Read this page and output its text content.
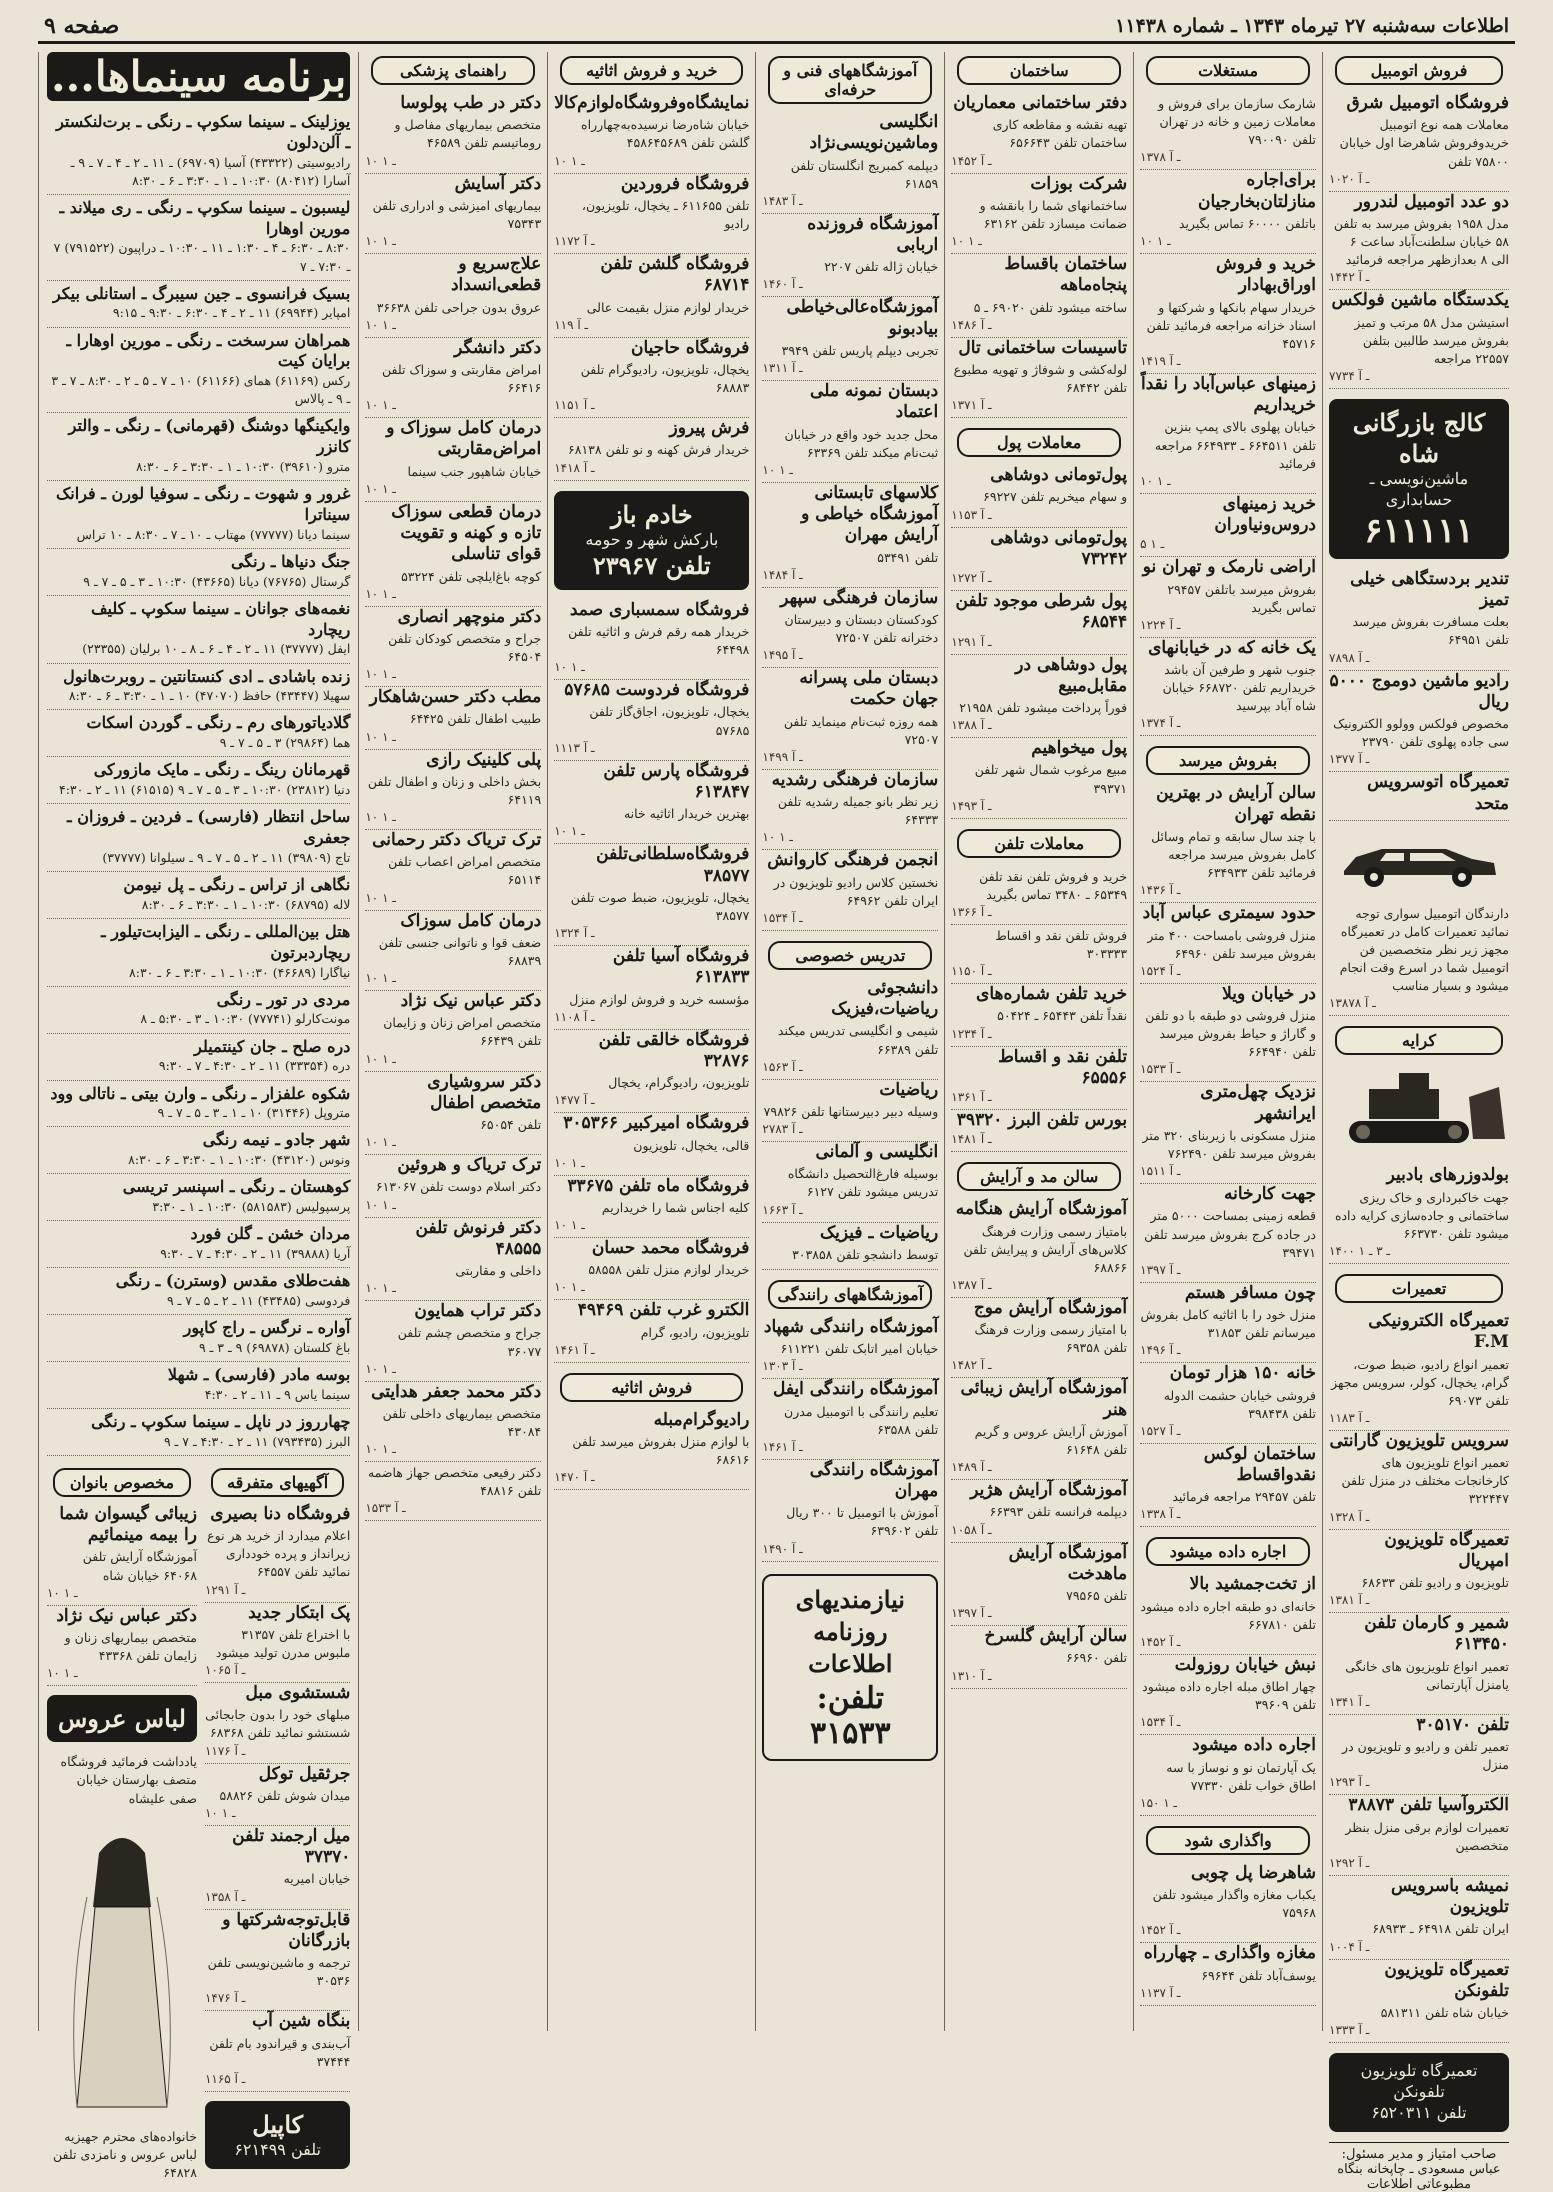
اطلاعات سه‌شنبه ۲۷ تیرماه ۱۳۴۳ ـ شماره ۱۱۴۳۸
صفحه ۹
فروش اتومبیل
فروشگاه اتومبیل شرق
معاملات همه نوع اتومبیل خریدوفروش شاهرضا اول خیابان ۷۵۸۰۰ تلفن
۱۰۲۰ ـ آ
دو عدد اتومبیل لندرور
مدل ۱۹۵۸ بفروش میرسد به تلفن ۵۸ خیابان سلطنت‌آباد ساعت ۶ الی ۸ بعدازظهر مراجعه فرمائید
۱۴۴۲ ـ آ
یکدستگاه ماشین فولکس
استیشن مدل ۵۸ مرتب و تمیز بفروش میرسد طالبین بتلفن ۲۲۵۵۷ مراجعه
۷۷۳۴ ـ آ
کالج بازرگانی شاه
ماشین‌نویسی ـ حسابداری
۶۱۱۱۱۱
تندیر بردستگاهی خیلی تمیز
بعلت مسافرت بفروش میرسد تلفن ۶۴۹۵۱
۷۸۹۸ ـ آ
رادیو ماشین دوموج ۵۰۰۰ ریال
مخصوص فولکس وولوو الکترونیک سی جاده پهلوی تلفن ۲۳۷۹۰
۱۳۷۷ ـ آ
تعمیرگاه اتوسرویس متحد
دارندگان اتومبیل سواری توجه نمائید تعمیرات کامل در تعمیرگاه مجهز زیر نظر متخصصین فن اتومبیل شما در اسرع وقت انجام میشود و بسیار مناسب
۱۳۸۷۸ ـ آ
کرایه
بولدوزرهای بادبیر
جهت خاکبرداری و خاک ریزی ساختمانی و جاده‌سازی کرایه داده میشود تلفن ۶۶۳۷۳۰
۱۴۰۰ ـ ۳ ـ ۱
تعمیرات
تعمیرگاه الکترونیکی F.M
تعمیر انواع رادیو، ضبط صوت، گرام، یخچال، کولر، سرویس مجهز تلفن ۶۹۰۷۳
۱۱۸۳ ـ آ
سرویس تلویزیون گارانتی
تعمیر انواع تلویزیون های کارخانجات مختلف در منزل تلفن ۳۲۲۴۴۷
۱۳۲۸ ـ آ
تعمیرگاه تلویزیون امپریال
تلویزیون و رادیو تلفن ۶۸۶۳۳
۱۳۸۱ ـ آ
شمیر و کارمان تلفن ۶۱۳۴۵۰
تعمیر انواع تلویزیون های خانگی یامنزل آپارتمانی
۱۳۴۱ ـ آ
تلفن ۳۰۵۱۷۰
تعمیر تلفن و رادیو و تلویزیون در منزل
۱۲۹۳ ـ آ
الکتروآسیا تلفن ۳۸۸۷۳
تعمیرات لوازم برقی منزل بنظر متخصصین
۱۲۹۲ ـ آ
نمیشه باسرویس تلویزیون
ایران تلفن ۶۴۹۱۸ ـ ۶۸۹۳۳
۱۰۰۴ ـ آ
تعمیرگاه تلویزیون تلفونکن
خیابان شاه تلفن ۵۸۱۳۱۱
۱۳۳۳ ـ آ
تعمیرگاه تلویزیون تلفونکن
تلفن ۶۵۲۰۳۱۱
صاحب امتیاز و مدیر مسئول: عباس مسعودی ـ چاپخانه بنگاه مطبوعاتی اطلاعات
مستغلات
شارمک سازمان برای فروش و معاملات زمین و خانه در تهران تلفن ۷۹۰۰۹۰
۱۳۷۸ ـ آ
برای‌اجاره منازلتان‌بخارجیان
باتلفن ۶۰۰۰۰ تماس بگیرید
۱۰ ـ ۱
خرید و فروش اوراق‌بهادار
خریدار سهام بانکها و شرکتها و اسناد خزانه مراجعه فرمائید تلفن ۴۵۷۱۶
۱۴۱۹ ـ آ
زمینهای عباس‌آباد را نقداً خریداریم
خیابان پهلوی بالای پمپ بنزین تلفن ۶۶۴۵۱۱ ـ ۶۶۴۹۳۳ مراجعه فرمائید
۱۰ ـ ۱
خرید زمینهای دروس‌ونیاوران
۵ ـ ۱
اراضی نارمک و تهران نو
بفروش میرسد باتلفن ۲۹۴۵۷ تماس بگیرید
۱۲۲۴ ـ آ
یک خانه که در خیابانهای
جنوب شهر و طرفین آن باشد خریداریم تلفن ۶۶۸۷۲۰ خیابان شاه آباد بپرسید
۱۳۷۴ ـ آ
بفروش میرسد
سالن آرایش در بهترین نقطه تهران
با چند سال سابقه و تمام وسائل کامل بفروش میرسد مراجعه فرمائید تلفن ۶۳۴۹۳۳
۱۴۳۶ ـ آ
حدود سیمتری عباس آباد
منزل فروشی بامساحت ۴۰۰ متر بفروش میرسد تلفن ۶۴۹۶۰
۱۵۲۴ ـ آ
در خیابان ویلا
منزل فروشی دو طبقه با دو تلفن و گاراژ و حیاط بفروش میرسد تلفن ۶۶۴۹۴۰
۱۵۳۳ ـ آ
نزدیک چهل‌متری ایرانشهر
منزل مسکونی با زیربنای ۳۲۰ متر بفروش میرسد تلفن ۷۶۲۴۹۰
۱۵۱۱ ـ آ
جهت کارخانه
قطعه زمینی بمساحت ۵۰۰۰ متر در جاده کرج بفروش میرسد تلفن ۳۹۴۷۱
۱۳۹۷ ـ آ
چون مسافر هستم
منزل خود را با اثاثیه کامل بفروش میرسانم تلفن ۳۱۸۵۳
۱۴۹۶ ـ آ
خانه ۱۵۰ هزار تومان
فروشی خیابان حشمت الدوله تلفن ۳۹۸۴۳۸
۱۵۲۷ ـ آ
ساختمان لوکس نقدواقساط
تلفن ۲۹۴۵۷ مراجعه فرمائید
۱۳۳۸ ـ آ
اجاره داده میشود
از تخت‌جمشید بالا
خانه‌ای دو طبقه اجاره داده میشود تلفن ۶۶۷۸۱۰
۱۴۵۲ ـ آ
نبش خیابان روزولت
چهار اطاق مبله اجاره داده میشود تلفن ۳۹۶۰۹
۱۵۳۴ ـ آ
اجاره داده میشود
یک آپارتمان نو و نوساز با سه اطاق خواب تلفن ۷۷۳۳۰
۱۵۰ ـ ۱
واگذاری شود
شاهرضا پل چوبی
یکباب مغازه واگذار میشود تلفن ۷۵۹۶۸
۱۴۵۲ ـ آ
مغازه واگذاری ـ چهارراه
یوسف‌آباد تلفن ۶۹۶۴۴
۱۱۳۷ ـ آ
ساختمان
دفتر ساختمانی معماریان
تهیه نقشه و مقاطعه کاری ساختمان تلفن ۶۵۶۶۴۳
۱۴۵۲ ـ آ
شرکت بوزات
ساختمانهای شما را بانقشه و ضمانت میسازد تلفن ۶۳۱۶۲
۱۰ ـ ۱
ساختمان باقساط پنجاه‌ماهه
ساخته میشود تلفن ۶۹۰۲۰ ـ ۵
۱۴۸۶ ـ آ
تاسیسات ساختمانی تال
لوله‌کشی و شوفاژ و تهویه مطبوع تلفن ۶۸۴۴۲
۱۳۷۱ ـ آ
معاملات پول
پول‌تومانی دوشاهی
و سهام میخریم تلفن ۶۹۲۲۷
۱۱۵۳ ـ آ
پول‌تومانی دوشاهی ۷۳۲۴۲
۱۲۷۲ ـ آ
پول شرطی موجود تلفن ۶۸۵۴۴
۱۲۹۱ ـ آ
پول دوشاهی در مقابل‌مبیع
فوراً پرداخت میشود تلفن ۲۱۹۵۸
۱۳۸۸ ـ آ
پول میخواهیم
مبیع مرغوب شمال شهر تلفن ۳۹۳۷۱
۱۴۹۳ ـ آ
معاملات تلفن
خرید و فروش تلفن نقد تلفن ۶۵۳۴۹ ـ ۳۴۸۰ تماس بگیرید
۱۳۶۶ ـ آ
فروش تلفن نقد و اقساط ۳۰۳۳۳۳
۱۱۵۰ ـ آ
خرید تلفن شماره‌های
نقداً تلفن ۶۵۴۴۳ ـ ۵۰۴۲۴
۱۲۳۴ ـ آ
تلفن نقد و اقساط ۶۵۵۵۶
۱۳۶۱ ـ آ
بورس تلفن البرز ۳۹۳۲۰
۱۴۸۱ ـ آ
سالن مد و آرایش
آموزشگاه آرایش هنگامه
بامتیاز رسمی وزارت فرهنگ کلاس‌های آرایش و پیرایش تلفن ۶۸۸۶۶
۱۳۸۷ ـ آ
آموزشگاه آرایش موج
با امتیاز رسمی وزارت فرهنگ تلفن ۶۹۳۵۸
۱۴۸۲ ـ آ
آموزشگاه آرایش زیبائی هنر
آموزش آرایش عروس و گریم تلفن ۶۱۶۴۸
۱۴۸۹ ـ آ
آموزشگاه آرایش هژیر
دیپلمه فرانسه تلفن ۶۶۳۹۳
۱۰۵۸ ـ آ
آموزشگاه آرایش ماهدخت
تلفن ۷۹۵۶۵
۱۳۹۷ ـ آ
سالن آرایش گلسرخ
تلفن ۶۶۹۶۰
۱۳۱۰ ـ آ
آموزشگاههای فنی و حرفه‌ای
انگلیسی وماشین‌نویسی‌نژاد
دیپلمه کمبریج انگلستان تلفن ۶۱۸۵۹
۱۴۸۳ ـ آ
آموزشگاه فروزنده اربابی
خیابان ژاله تلفن ۲۲۰۷
۱۴۶۰ ـ آ
آموزشگاه‌عالی‌خیاطی بیادبونو
تجربی دیپلم پاریس تلفن ۳۹۴۹
۱۳۱۱ ـ آ
دبستان نمونه ملی اعتماد
محل جدید خود واقع در خیابان ثبت‌نام میکند تلفن ۶۳۳۶۹
۱۰ ـ ۱
کلاسهای تابستانی آموزشگاه خیاطی و آرایش مهران
تلفن ۵۳۴۹۱
۱۴۸۴ ـ آ
سازمان فرهنگی سپهر
کودکستان دبستان و دبیرستان دخترانه تلفن ۷۲۵۰۷
۱۴۹۵ ـ آ
دبستان ملی پسرانه جهان حکمت
همه روزه ثبت‌نام مینماید تلفن ۷۲۵۰۷
۱۴۹۹ ـ آ
سازمان فرهنگی رشدیه
زیر نظر بانو جمیله رشدیه تلفن ۶۴۳۳۳
۱۰ ـ ۱
انجمن فرهنگی کاروانش
نخستین کلاس رادیو تلویزیون در ایران تلفن ۶۴۹۶۲
۱۵۳۴ ـ آ
تدریس خصوصی
دانشجوئی ریاضیات،فیزیک
شیمی و انگلیسی تدریس میکند تلفن ۶۶۳۸۹
۱۵۶۳ ـ آ
ریاضیات
وسیله دبیر دبیرستانها تلفن ۷۹۸۲۶
۲۷۸۳ ـ آ
انگلیسی و آلمانی
بوسیله فارغ‌التحصیل دانشگاه تدریس میشود تلفن ۶۱۲۷
۱۶۶۳ ـ آ
ریاضیات ـ فیزیک
توسط دانشجو تلفن ۳۰۳۸۵۸
آموزشگاههای رانندگی
آموزشگاه رانندگی شهپاد
خیابان امیر اتابک تلفن ۶۱۱۲۲۱
۱۳۰۳ ـ آ
آموزشگاه رانندگی ایفل
تعلیم رانندگی با اتومبیل مدرن تلفن ۶۳۵۸۸
۱۴۶۱ ـ آ
آموزشگاه رانندگی مهران
آموزش با اتومبیل تا ۳۰۰ ریال تلفن ۶۳۹۶۰۲
۱۴۹۰ ـ آ
نیازمندیهای
روزنامه اطلاعات
تلفن: ۳۱۵۳۳
خرید و فروش اثاثیه
نمایشگاه‌وفروشگاه‌لوازم‌کالا
خیابان شاه‌رضا نرسیده‌به‌چهارراه گلشن تلفن ۴۵۸۶۴۵۶۸۹
۱۰ ـ ۱
فروشگاه فروردین
تلفن ۶۱۱۶۵۵ ـ یخچال، تلویزیون، رادیو
۱۱۷۲ ـ آ
فروشگاه گلشن تلفن ۶۸۷۱۴
خریدار لوازم منزل بقیمت عالی
۱۱۹ ـ آ
فروشگاه حاجیان
یخچال، تلویزیون، رادیوگرام تلفن ۶۸۸۸۳
۱۱۵۱ ـ آ
فرش پیروز
خریدار فرش کهنه و نو تلفن ۶۸۱۳۸
۱۴۱۸ ـ آ
خادم باز
بارکش شهر و حومه
تلفن ۲۳۹۶۷
فروشگاه سمسباری صمد
خریدار همه رقم فرش و اثاثیه تلفن ۶۴۴۹۸
۱۰ ـ ۱
فروشگاه فردوست ۵۷۶۸۵
یخچال، تلویزیون، اجاق‌گاز تلفن ۵۷۶۸۵
۱۱۱۳ ـ آ
فروشگاه پارس تلفن ۶۱۳۸۴۷
بهترین خریدار اثاثیه خانه
۱۰ ـ ۱
فروشگاه‌سلطانی‌تلفن ۳۸۵۷۷
یخچال، تلویزیون، ضبط صوت تلفن ۳۸۵۷۷
۱۳۲۴ ـ آ
فروشگاه آسیا تلفن ۶۱۳۸۳۳
مؤسسه خرید و فروش لوازم منزل
۱۱۰۸ ـ آ
فروشگاه خالقی تلفن ۳۲۸۷۶
تلویزیون، رادیوگرام، یخچال
۱۴۷۷ ـ آ
فروشگاه امیرکبیر ۳۰۵۳۶۶
قالی، یخچال، تلویزیون
۱۰ ـ ۱
فروشگاه ماه تلفن ۳۳۶۷۵
کلیه اجناس شما را خریداریم
۱۰ ـ ۱
فروشگاه محمد حسان
خریدار لوازم منزل تلفن ۵۸۵۵۸
۱۰ ـ ۱
الکترو غرب تلفن ۴۹۴۶۹
تلویزیون، رادیو، گرام
۱۴۶۱ ـ آ
فروش اثاثیه
رادیوگرام‌مبله
با لوازم منزل بفروش میرسد تلفن ۶۸۶۱۶
۱۴۷۰ ـ آ
راهنمای پزشکی
دکتر در طب پولوسا
متخصص بیماریهای مفاصل و روماتیسم تلفن ۴۶۵۸۹
۱۰ ـ ۱
دکتر آسایش
بیماریهای امیزشی و ادراری تلفن ۷۵۳۴۳
۱۰ ـ ۱
علاج‌سریع و قطعی‌انسداد
عروق بدون جراحی تلفن ۳۶۶۳۸
۱۰ ـ ۱
دکتر دانشگر
امراض مقاربتی و سوزاک تلفن ۶۶۴۱۶
۱۰ ـ ۱
درمان کامل سوزاک و امراض‌مقاربتی
خیابان شاهپور جنب سینما
۱۰ ـ ۱
درمان قطعی سوزاک تازه و کهنه و تقویت قوای تناسلی
کوچه باغ‌ایلچی تلفن ۵۳۲۲۴
۱۰ ـ ۱
دکتر منوچهر انصاری
جراح و متخصص کودکان تلفن ۶۴۵۰۴
۱۰ ـ ۱
مطب دکتر حسن‌شاهکار
طبیب اطفال تلفن ۶۴۴۲۵
۱۰ ـ ۱
پلی کلینیک رازی
بخش داخلی و زنان و اطفال تلفن ۶۴۱۱۹
۱۰ ـ ۱
ترک تریاک دکتر رحمانی
متخصص امراض اعصاب تلفن ۶۵۱۱۴
۱۰ ـ ۱
درمان کامل سوزاک
ضعف قوا و ناتوانی جنسی تلفن ۶۸۸۳۹
۱۰ ـ ۱
دکتر عباس نیک نژاد
متخصص امراض زنان و زایمان تلفن ۶۶۴۳۹
۱۰ ـ ۱
دکتر سروشیاری متخصص اطفال
تلفن ۶۵۰۵۴
۱۰ ـ ۱
ترک تریاک و هروئین
دکتر اسلام دوست تلفن ۶۱۳۰۶۷
۱۰ ـ ۱
دکتر فرنوش تلفن ۴۸۵۵۵
داخلی و مقاربتی
۱۰ ـ ۱
دکتر تراب همایون
جراح و متخصص چشم تلفن ۳۶۰۷۷
۱۰ ـ ۱
دکتر محمد جعفر هدایتی
متخصص بیماریهای داخلی تلفن ۴۳۰۸۴
۱۰ ـ ۱
دکتر رفیعی متخصص جهاز هاضمه تلفن ۴۸۸۱۶
۱۵۳۳ ـ آ
برنامه سینماها...
یوزلینک ـ سینما سکوپ ـ رنگی ـ برت‌لنکستر ـ آلن‌دلون
رادیوسیتی (۴۳۳۲۲) آسیا (۶۹۷۰۹) ـ ۱۱ ـ ۲ ـ ۴ ـ ۷ ـ ۹ ـ آسارا (۸۰۴۱۲) ۱۰:۳۰ ـ ۱ ـ ۳:۳۰ ـ ۶ ـ ۸:۳۰
لیسبون ـ سینما سکوپ ـ رنگی ـ ری میلاند ـ مورین اوهارا
۸:۳۰ ـ ۶:۳۰ ـ ۴ ـ ۱:۳۰ ـ ۱۱ ـ ۱۰:۳۰ ـ دراپیون (۷۹۱۵۲۲) ۷ ـ ۷:۳۰ ـ ۷
بسیک فرانسوی ـ جین سیبرگ ـ استانلی بیکر
امپایر (۶۹۹۴۴) ۱۱ ـ ۲ ـ ۴ ـ ۶:۳۰ ـ ۹:۳۰ ـ ۹:۱۵
همراهان سرسخت ـ رنگی ـ مورین اوهارا ـ برایان کیت
رکس (۶۱۱۶۹) همای (۶۱۱۶۶) ۱۰ ـ ۷ ـ ۵ ـ ۲ ـ ۸:۳۰ ـ ۷ ـ ۳ ـ ۹ ـ پالاس
وایکینگها دوشنگ (قهرمانی) ـ رنگی ـ والتر کانزر
مترو (۳۹۶۱۰) ۱۰:۳۰ ـ ۱ ـ ۳:۳۰ ـ ۶ ـ ۸:۳۰
غرور و شهوت ـ رنگی ـ سوفیا لورن ـ فرانک سیناترا
سینما دیانا (۷۷۷۷۷) مهتاب ـ ۱۰ ـ ۷ ـ ۸:۳۰ ـ ۱۰ تراس
جنگ دنیاها ـ رنگی
گرستال (۷۶۷۶۵) دیانا (۴۳۶۶۵) ۱۰:۳۰ ـ ۳ ـ ۵ ـ ۷ ـ ۹
نغمه‌های جوانان ـ سینما سکوپ ـ کلیف ریچارد
ایفل (۳۷۷۷۷) ۱۱ ـ ۲ ـ ۴ ـ ۶ ـ ۸ ـ ۱۰ برلیان (۲۳۳۵۵)
زنده باشادی ـ ادی کنستانتین ـ روبرت‌هانول
سهیلا (۴۳۴۴۷) حافظ (۴۷۰۷۰) ۱۰ ـ ۱ ـ ۳:۳۰ ـ ۶ ـ ۸:۳۰
گلادیاتورهای رم ـ رنگی ـ گوردن اسکات
هما (۲۹۸۶۴) ۳ ـ ۵ ـ ۷ ـ ۹
قهرمانان رینگ ـ رنگی ـ مایک مازورکی
دنیا (۲۳۸۱۲) ۱۰:۳۰ ـ ۳ ـ ۵ ـ ۷ ـ ۹ (۶۱۵۱۵) ۱۱ ـ ۲ ـ ۴:۳۰
ساحل انتظار (فارسی) ـ فردین ـ فروزان ـ جعفری
تاج (۳۹۸۰۹) ۱۱ ـ ۲ ـ ۵ ـ ۷ ـ ۹ ـ سیلوانا (۳۷۷۷۷)
نگاهی از تراس ـ رنگی ـ پل نیومن
لاله (۶۸۷۹۵) ۱۰:۳۰ ـ ۱ ـ ۳:۳۰ ـ ۶ ـ ۸:۳۰
هتل بین‌المللی ـ رنگی ـ الیزابت‌تیلور ـ ریچاردبرتون
نیاگارا (۴۶۶۸۹) ۱۰:۳۰ ـ ۱ ـ ۳:۳۰ ـ ۶ ـ ۸:۳۰
مردی در تور ـ رنگی
مونت‌کارلو (۷۷۷۴۱) ۱۰:۳۰ ـ ۳ ـ ۵:۳۰ ـ ۸
دره صلح ـ جان کینتمیلر
دره (۳۳۳۵۴) ۱۱ ـ ۲ ـ ۴:۳۰ ـ ۷ ـ ۹:۳۰
شکوه علفزار ـ رنگی ـ وارن بیتی ـ ناتالی وود
متروپل (۳۱۴۴۶) ۱۰ ـ ۱ ـ ۳ ـ ۵ ـ ۷ ـ ۹
شهر جادو ـ نیمه رنگی
ونوس (۴۳۱۲۰) ۱۰:۳۰ ـ ۱ ـ ۳:۳۰ ـ ۶ ـ ۸:۳۰
کوهستان ـ رنگی ـ اسپنسر تریسی
پرسپولیس (۵۸۱۵۸۳) ۱۰:۳۰ ـ ۱ ـ ۳:۳۰
مردان خشن ـ گلن فورد
آریا (۳۹۸۸۸) ۱۱ ـ ۲ ـ ۴:۳۰ ـ ۷ ـ ۹:۳۰
هفت‌طلای مقدس (وسترن) ـ رنگی
فردوسی (۴۳۴۸۵) ۱۱ ـ ۲ ـ ۵ ـ ۷ ـ ۹
آواره ـ نرگس ـ راج کاپور
باغ کلستان (۶۹۸۷۸) ۹ ـ ۳ ـ ۹
بوسه مادر (فارسی) ـ شهلا
سینما یاس ۹ ـ ۱۱ ـ ۲ ـ ۴:۳۰
چهارروز در ناپل ـ سینما سکوپ ـ رنگی
البرز (۷۹۳۴۳۵) ۱۱ ـ ۲ ـ ۴:۳۰ ـ ۷ ـ ۹
آگهیهای متفرقه
فروشگاه دنا بصیری
اعلام میدارد از خرید هر نوع زیرانداز و پرده خودداری نمائید تلفن ۶۴۵۵۷
۱۲۹۱ ـ آ
پک ابتکار جدید
با اختراع تلفن ۳۱۳۵۷ ملبوس مدرن تولید میشود
۱۰۶۵ ـ آ
شستشوی مبل
مبلهای خود را بدون جابجائی شستشو نمائید تلفن ۶۸۳۶۸
۱۱۷۶ ـ آ
جرثقیل توکل
میدان شوش تلفن ۵۸۸۲۶
۱۰ ـ ۱
میل ارجمند تلفن ۳۷۳۷۰
خیابان امیریه
۱۳۵۸ ـ آ
قابل‌توجه‌شرکتها و بازرگانان
ترجمه و ماشین‌نویسی تلفن ۳۰۵۳۶
۱۴۷۶ ـ آ
بنگاه شین آب
آب‌بندی و قیراندود بام تلفن ۳۷۴۴۴
۱۱۶۵ ـ آ
کاپیل
تلفن ۶۲۱۴۹۹
مخصوص بانوان
زیبائی گیسوان شما را بیمه مینمائیم
آموزشگاه آرایش تلفن ۶۴۰۶۸ خیابان شاه
۱۰ ـ ۱
دکتر عباس نیک نژاد
متخصص بیماریهای زنان و زایمان تلفن ۴۳۳۶۸
۱۰ ـ ۱
لباس عروس
یادداشت فرمائید فروشگاه متصف بهارستان خیابان صفی علیشاه
خانواده‌های محترم جهیزیه لباس عروس و نامزدی تلفن ۶۴۸۲۸
